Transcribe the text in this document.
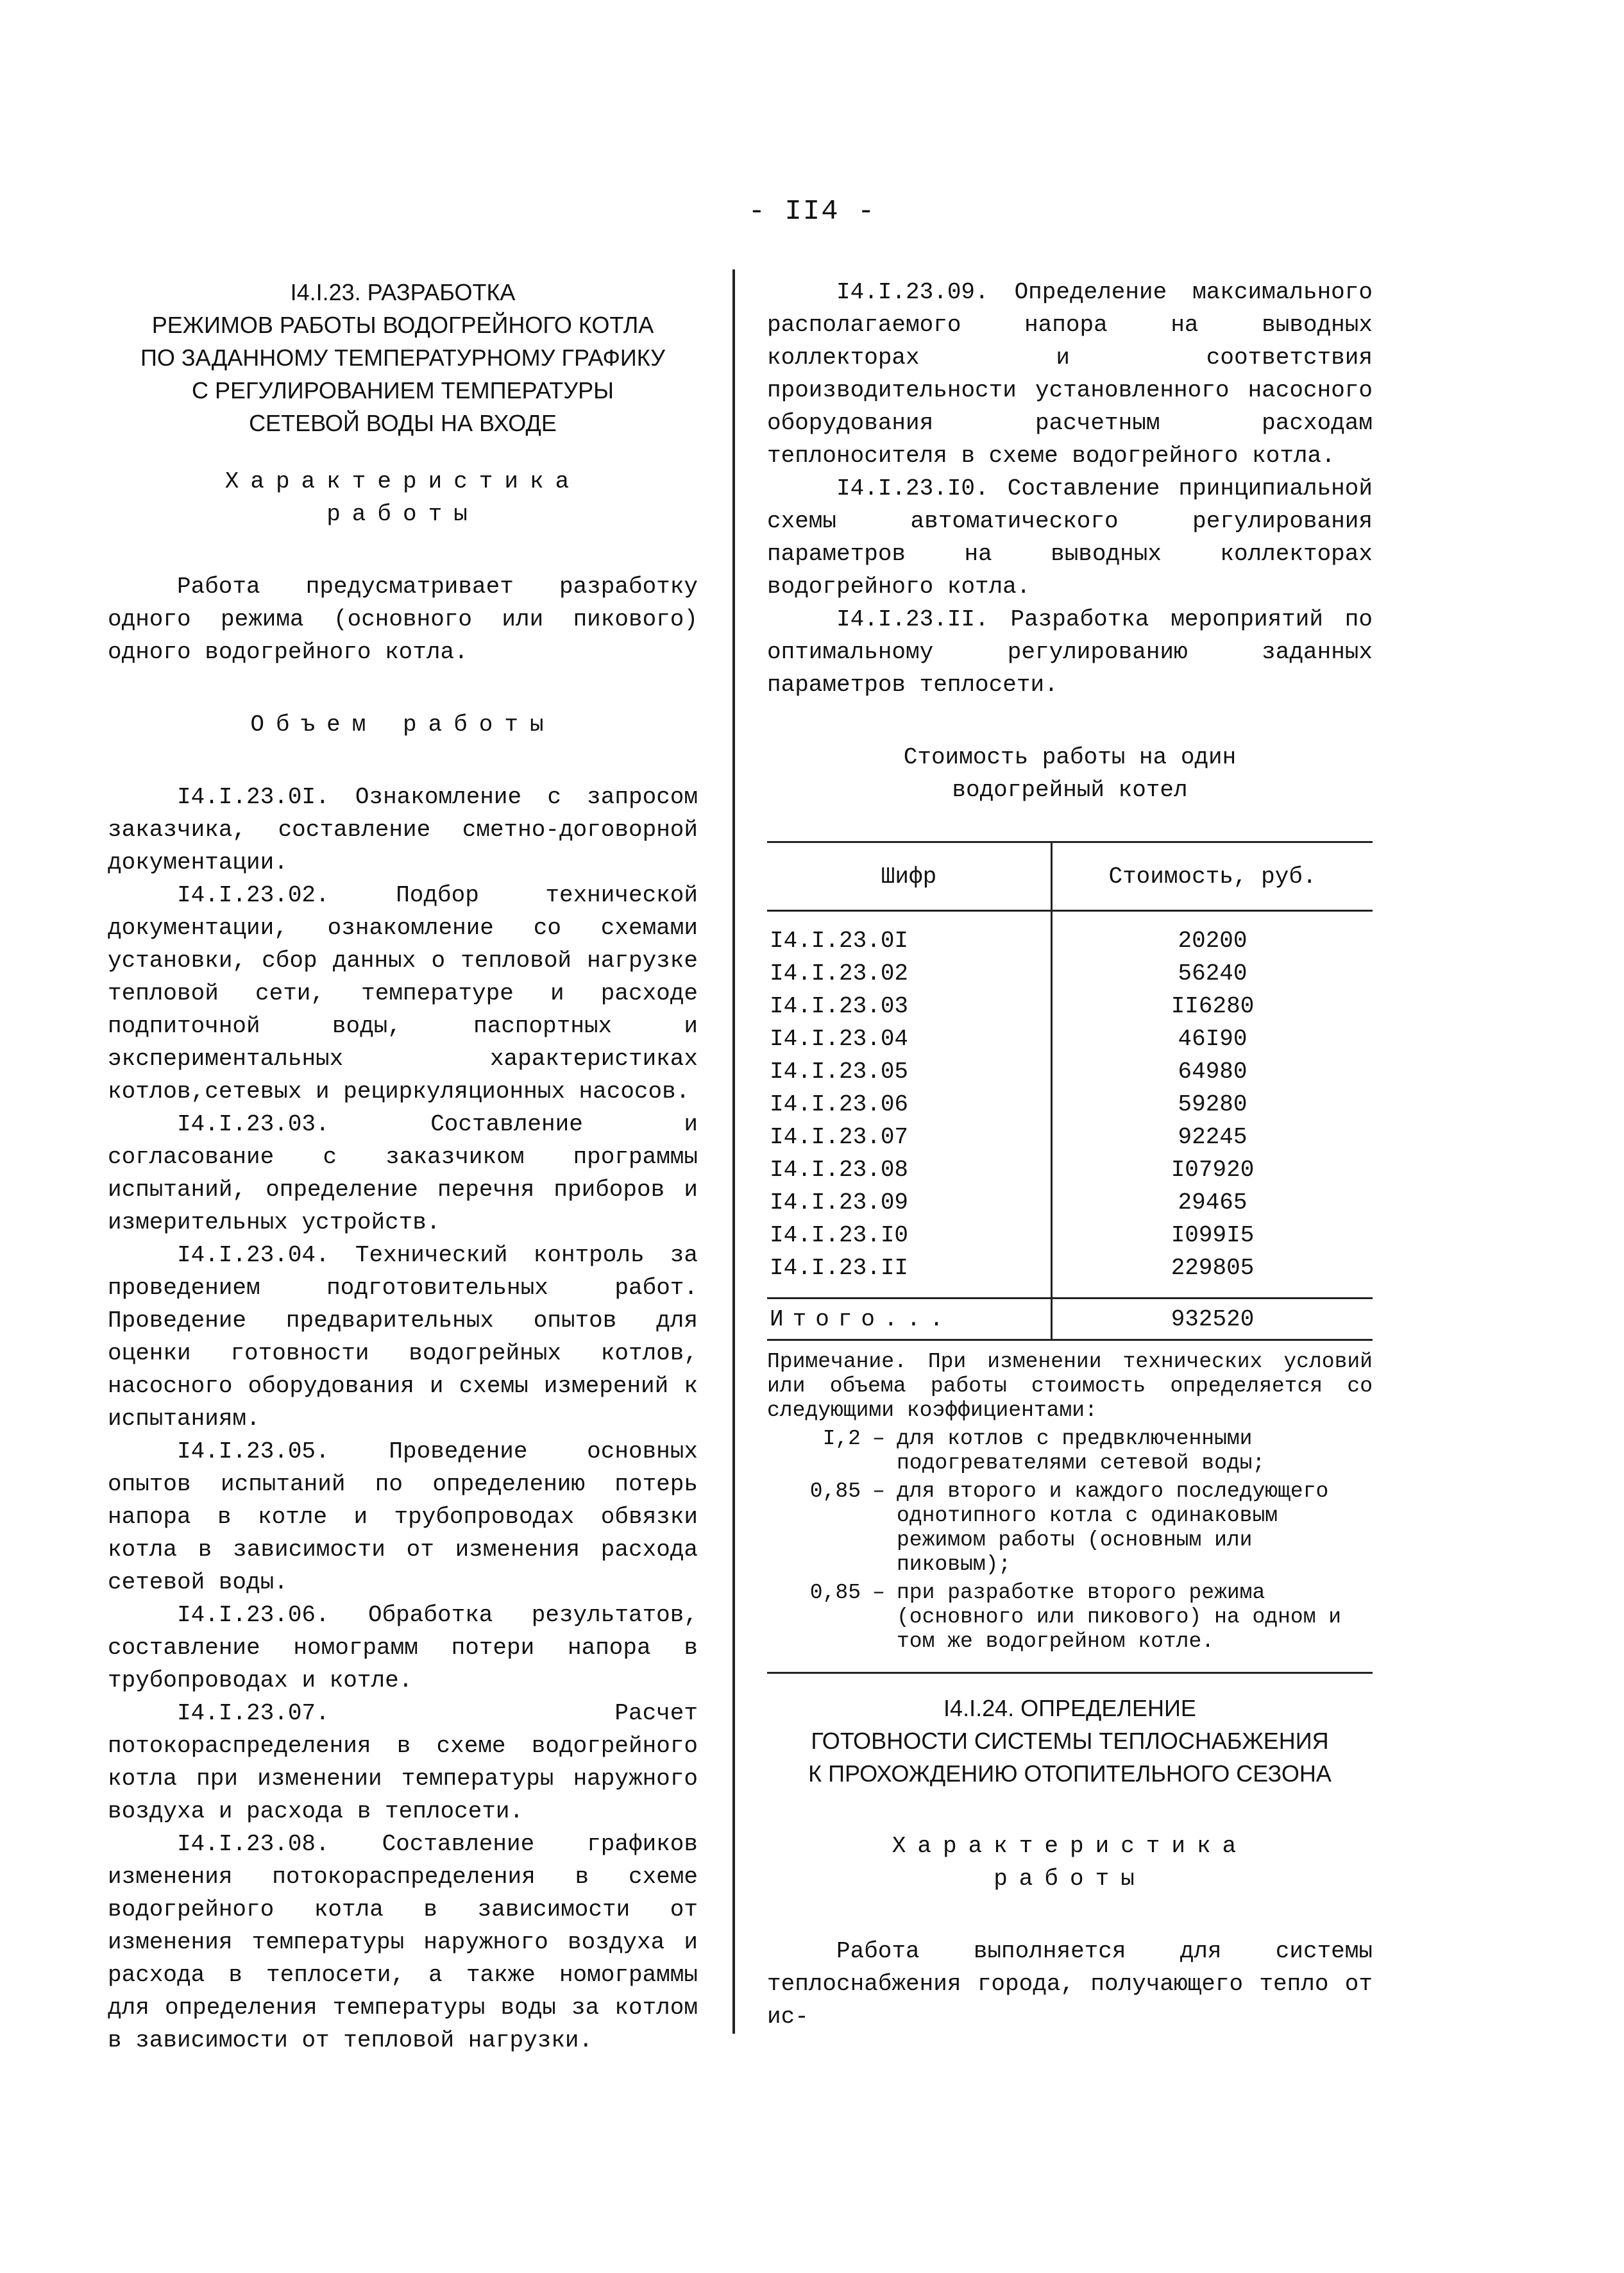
- II4 -

I4.I.23. РАЗРАБОТКА

РЕЖИМОВ РАБОТЫ ВОДОГРЕЙНОГО КОТЛА

ПО ЗАДАННОМУ ТЕМПЕРАТУРНОМУ ГРАФИКУ

С РЕГУЛИРОВАНИЕМ ТЕМПЕРАТУРЫ

СЕТЕВОЙ ВОДЫ НА ВХОДЕ

Характеристика

работы

Работа предусматривает разработку одного режима (основного или пикового) одного водогрейного котла.

Объем работы

I4.I.23.0I. Ознакомление с запросом заказчика, составление сметно-договорной документации.

I4.I.23.02. Подбор технической документации, ознакомление со схемами установки, сбор данных о тепловой нагрузке тепловой сети, температуре и расходе подпиточной воды, паспортных и экспериментальных характеристиках котлов,сетевых и рециркуляционных насосов.

I4.I.23.03. Составление и согласование с заказчиком программы испытаний, определение перечня приборов и измерительных устройств.

I4.I.23.04. Технический контроль за проведением подготовительных работ. Проведение предварительных опытов для оценки готовности водогрейных котлов, насосного оборудования и схемы измерений к испытаниям.

I4.I.23.05. Проведение основных опытов испытаний по определению потерь напора в котле и трубопроводах обвязки котла в зависимости от изменения расхода сетевой воды.

I4.I.23.06. Обработка результатов, составление номограмм потери напора в трубопроводах и котле.

I4.I.23.07. Расчет потокораспределения в схеме водогрейного котла при изменении температуры наружного воздуха и расхода в теплосети.

I4.I.23.08. Составление графиков изменения потокораспределения в схеме водогрейного котла в зависимости от изменения температуры наружного воздуха и расхода в теплосети, а также номограммы для определения температуры воды за котлом в зависимости от тепловой нагрузки.

I4.I.23.09. Определение максимального располагаемого напора на выводных коллекторах и соответствия производительности установленного насосного оборудования расчетным расходам теплоносителя в схеме водогрейного котла.

I4.I.23.I0. Составление принципиальной схемы автоматического регулирования параметров на выводных коллекторах водогрейного котла.

I4.I.23.II. Разработка мероприятий по оптимальному регулированию заданных параметров теплосети.

Стоимость работы на один

водогрейный котел

Шифр	Стоимость, руб.
I4.I.23.0I	20200
I4.I.23.02	56240
I4.I.23.03	II6280
I4.I.23.04	46I90
I4.I.23.05	64980
I4.I.23.06	59280
I4.I.23.07	92245
I4.I.23.08	I07920
I4.I.23.09	29465
I4.I.23.I0	I099I5
I4.I.23.II	229805
Итого...	932520

Примечание. При изменении технических условий или объема работы стоимость определяется со следующими коэффициентами:

I,2 – для котлов с предвключенными подогревателями сетевой воды;
0,85 – для второго и каждого последующего однотипного котла с одинаковым режимом работы (основным или пиковым);
0,85 – при разработке второго режима (основного или пикового) на одном и том же водогрейном котле.

I4.I.24. ОПРЕДЕЛЕНИЕ

ГОТОВНОСТИ СИСТЕМЫ ТЕПЛОСНАБЖЕНИЯ

К ПРОХОЖДЕНИЮ ОТОПИТЕЛЬНОГО СЕЗОНА

Характеристика

работы

Работа выполняется для системы теплоснабжения города, получающего тепло от ис-
